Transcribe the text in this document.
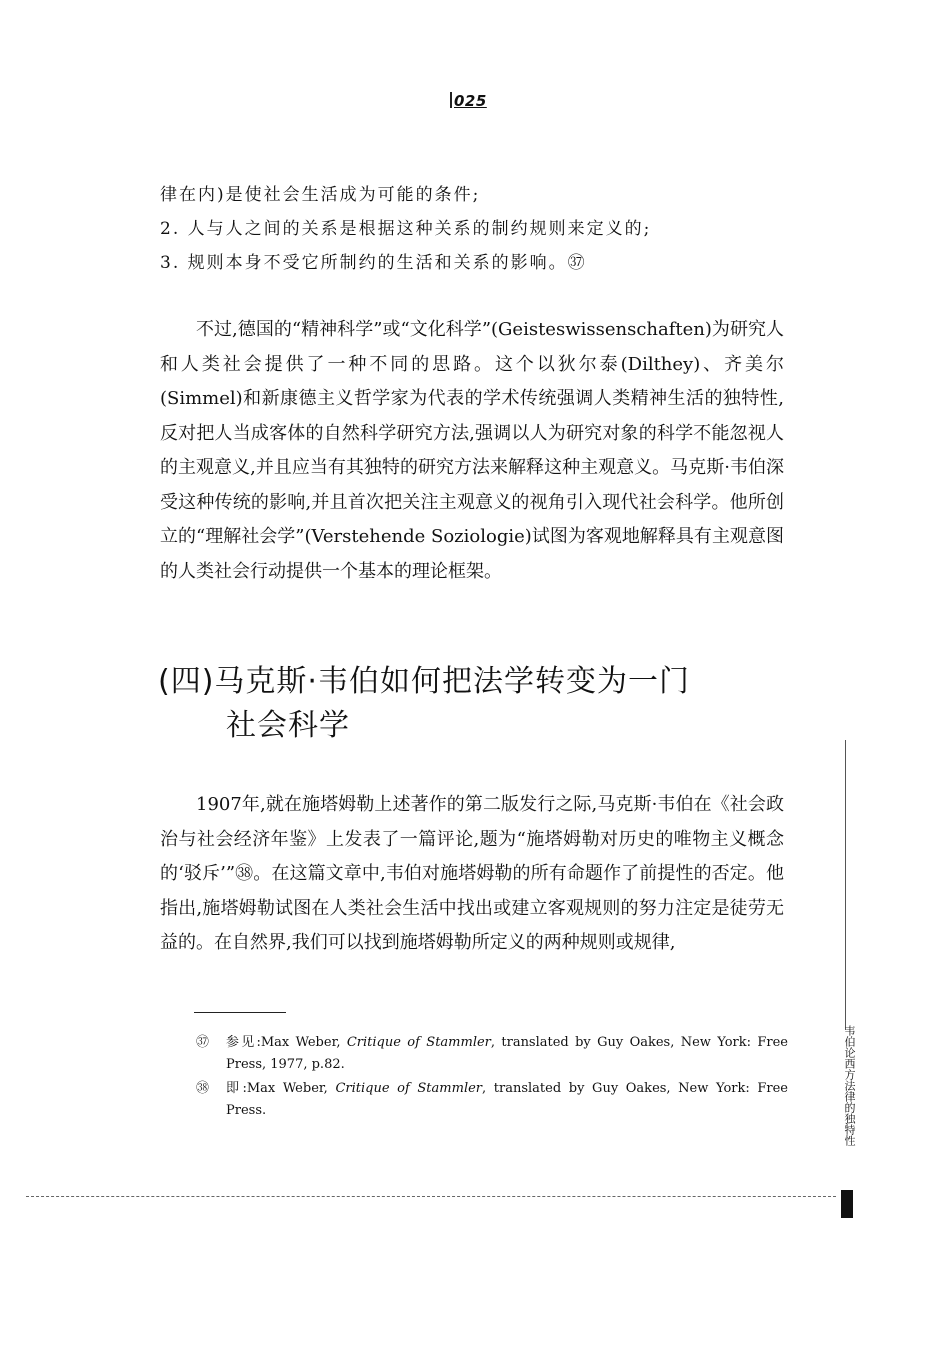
025

律在内)是使社会生活成为可能的条件;

2. 人与人之间的关系是根据这种关系的制约规则来定义的;

3. 规则本身不受它所制约的生活和关系的影响。㊲

不过,德国的“精神科学”或“文化科学”(Geisteswissenschaften)为研究人和人类社会提供了一种不同的思路。这个以狄尔泰(Dilthey)、齐美尔(Simmel)和新康德主义哲学家为代表的学术传统强调人类精神生活的独特性,反对把人当成客体的自然科学研究方法,强调以人为研究对象的科学不能忽视人的主观意义,并且应当有其独特的研究方法来解释这种主观意义。马克斯·韦伯深受这种传统的影响,并且首次把关注主观意义的视角引入现代社会科学。他所创立的“理解社会学”(Verstehende Soziologie)试图为客观地解释具有主观意图的人类社会行动提供一个基本的理论框架。

(四)马克斯·韦伯如何把法学转变为一门
社会科学

1907年,就在施塔姆勒上述著作的第二版发行之际,马克斯·韦伯在《社会政治与社会经济年鉴》上发表了一篇评论,题为“施塔姆勒对历史的唯物主义概念的‘驳斥’”㊳。在这篇文章中,韦伯对施塔姆勒的所有命题作了前提性的否定。他指出,施塔姆勒试图在人类社会生活中找出或建立客观规则的努力注定是徒劳无益的。在自然界,我们可以找到施塔姆勒所定义的两种规则或规律,

㊲	参见:Max Weber, Critique of Stammler, translated by Guy Oakes, New York: Free Press, 1977, p.82.
㊳	即:Max Weber, Critique of Stammler, translated by Guy Oakes, New York: Free Press.	韦伯论西方法律的独特性
